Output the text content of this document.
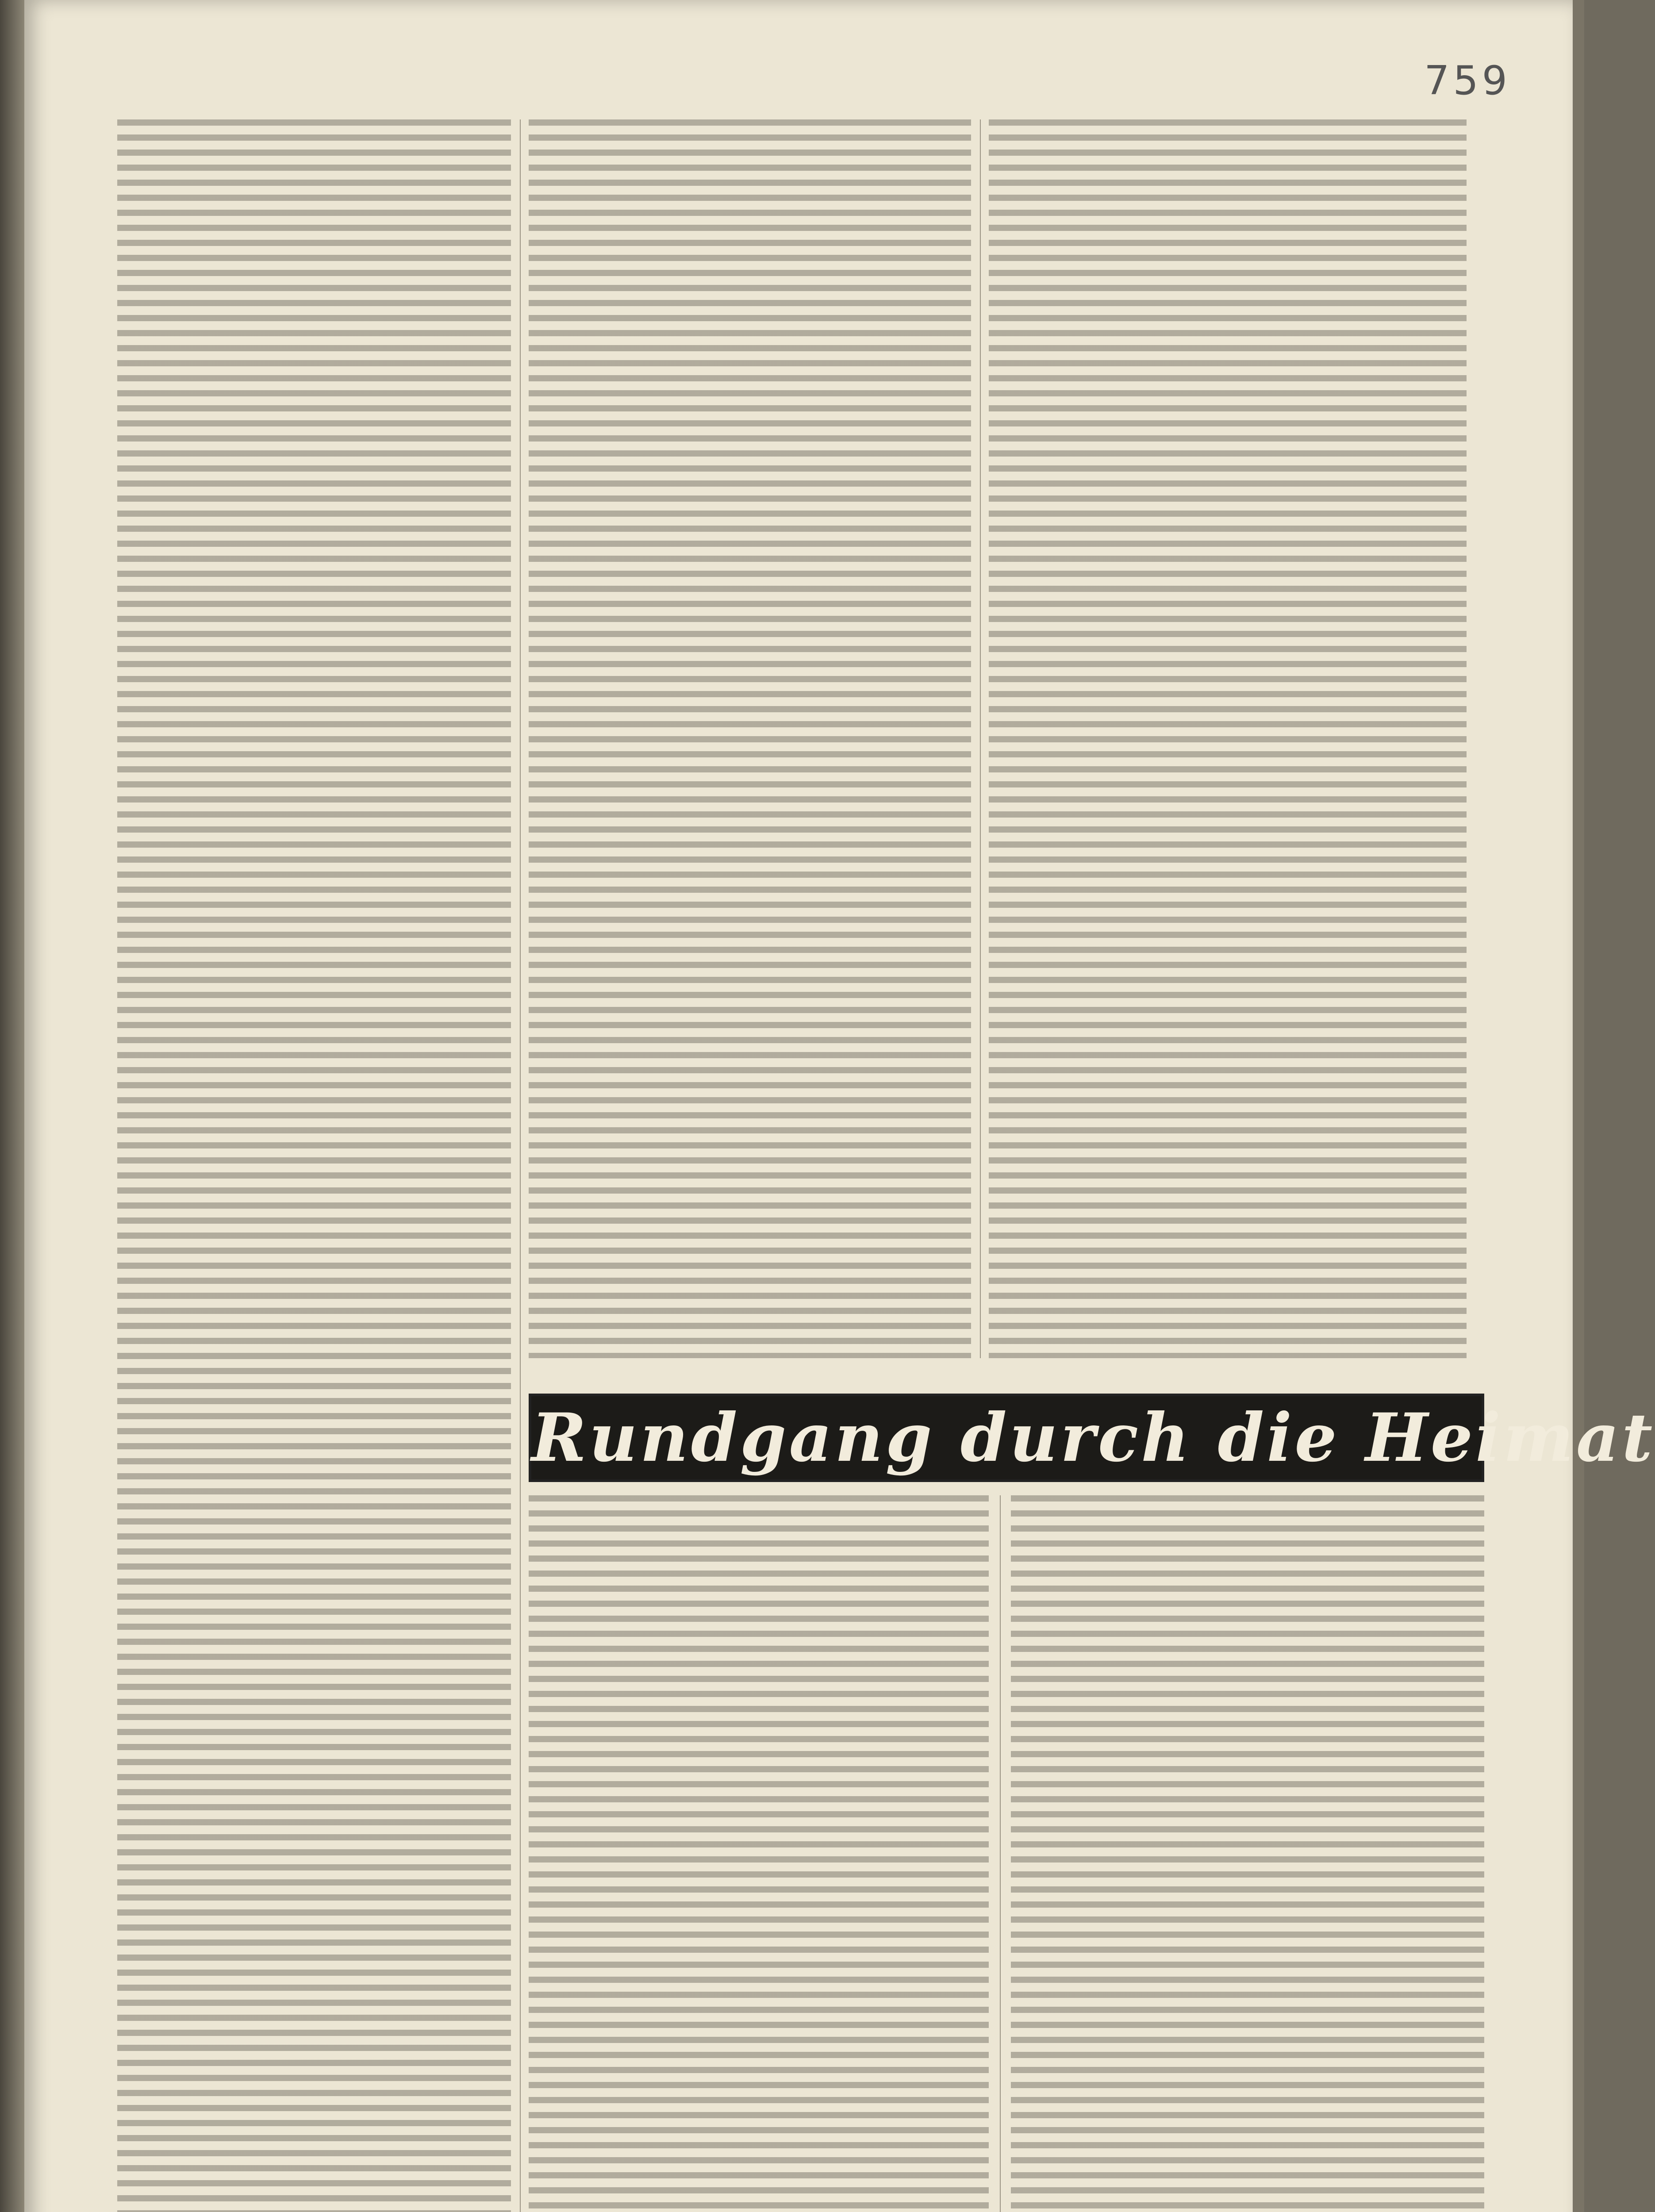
759
Rundgang durch die Heimat
